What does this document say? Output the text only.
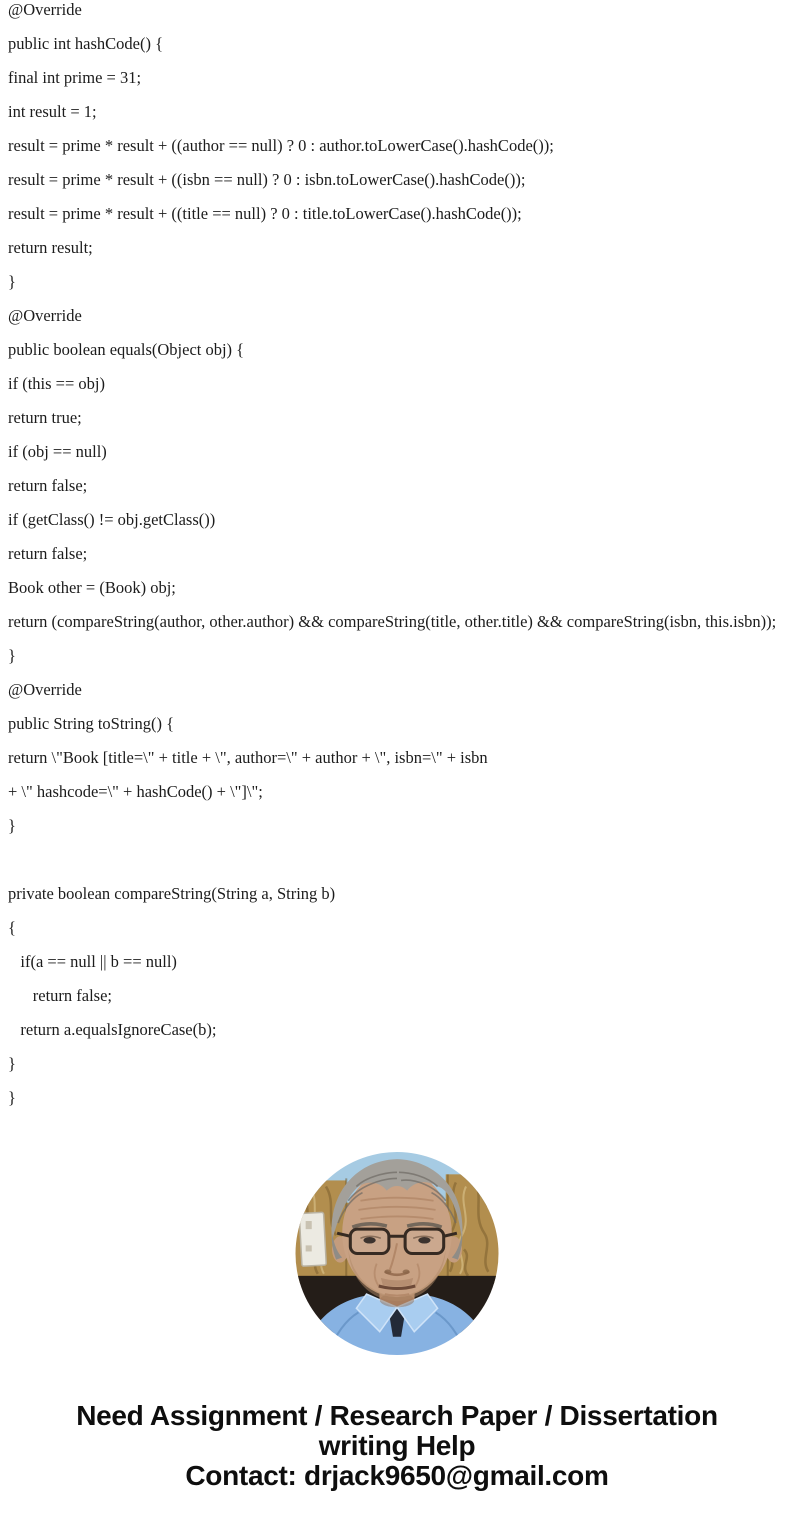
@Override
public int hashCode() {
final int prime = 31;
int result = 1;
result = prime * result + ((author == null) ? 0 : author.toLowerCase().hashCode());
result = prime * result + ((isbn == null) ? 0 : isbn.toLowerCase().hashCode());
result = prime * result + ((title == null) ? 0 : title.toLowerCase().hashCode());
return result;
}
@Override
public boolean equals(Object obj) {
if (this == obj)
return true;
if (obj == null)
return false;
if (getClass() != obj.getClass())
return false;
Book other = (Book) obj;
return (compareString(author, other.author) && compareString(title, other.title) && compareString(isbn, this.isbn));
}
@Override
public String toString() {
return \"Book [title=\" + title + \", author=\" + author + \", isbn=\" + isbn
+ \" hashcode=\" + hashCode() + \"]\";
}
private boolean compareString(String a, String b)
{
if(a == null || b == null)
return false;
return a.equalsIgnoreCase(b);
}
}
Need Assignment / Research Paper / Dissertation
writing Help
Contact: drjack9650@gmail.com
